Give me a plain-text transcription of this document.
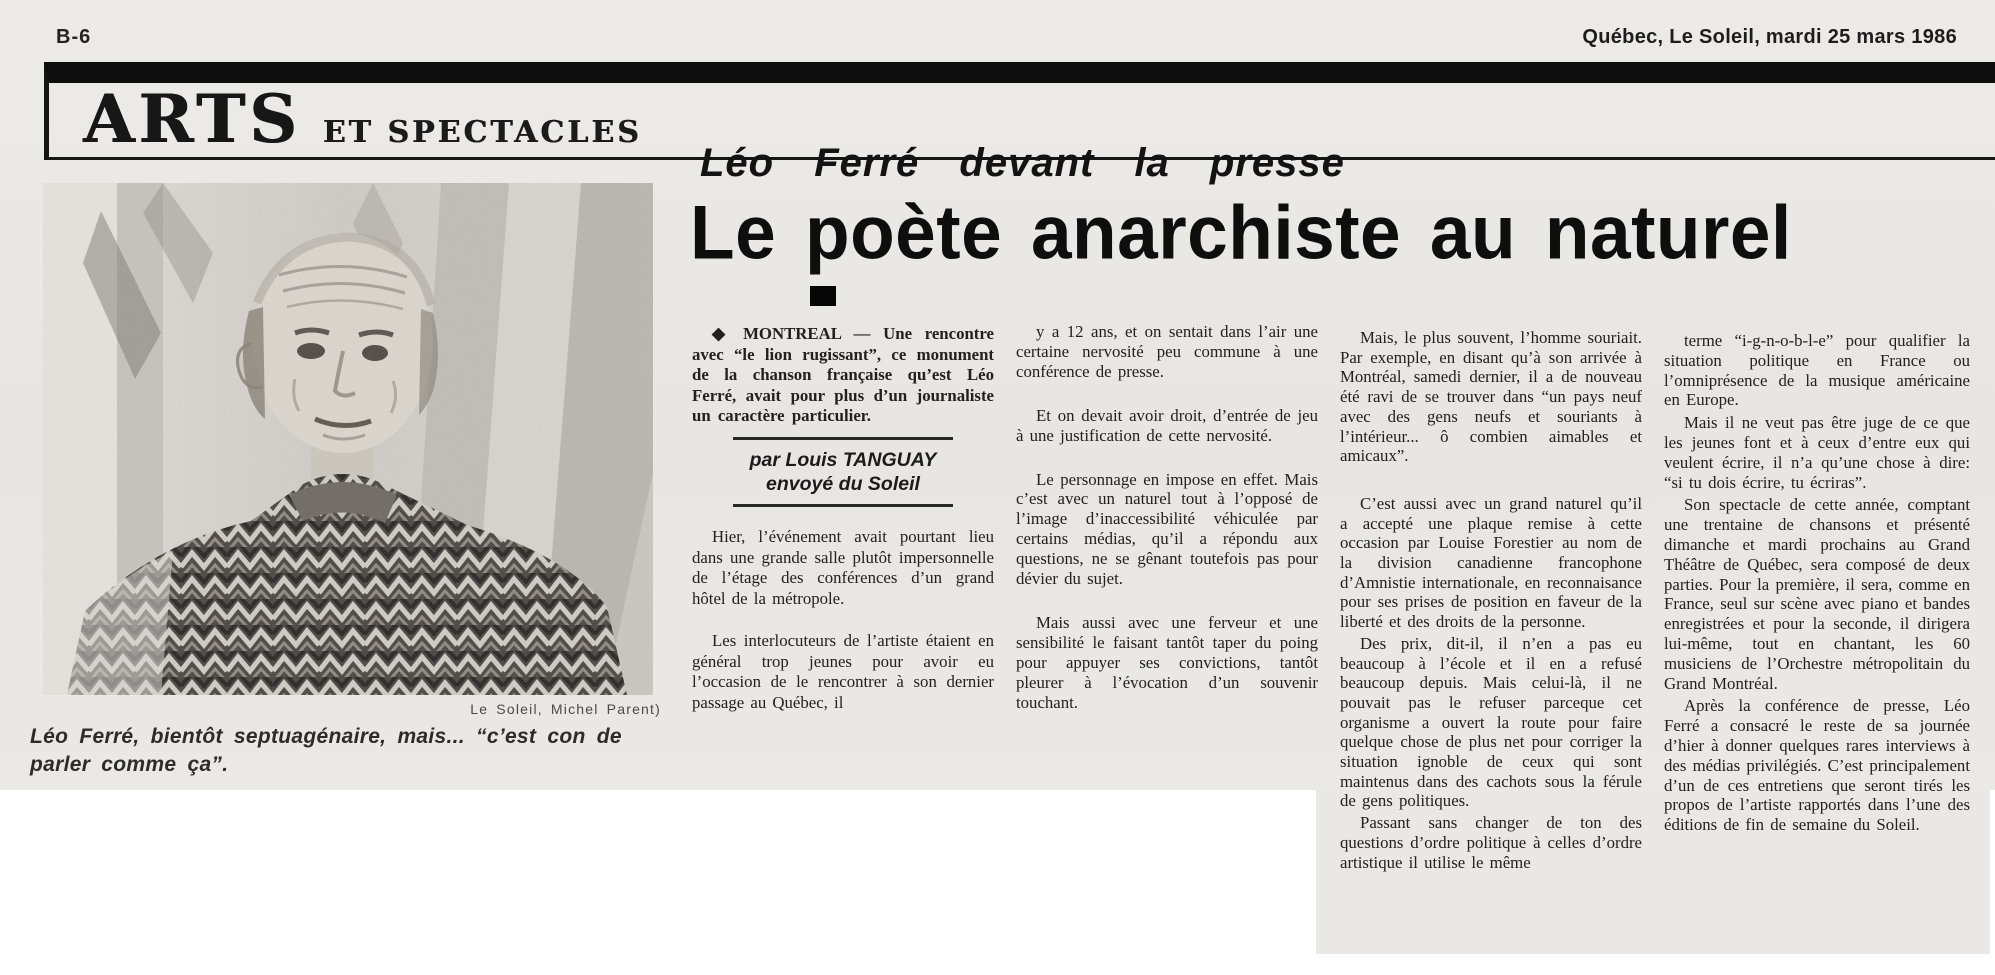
B-6	Québec, Le Soleil, mardi 25 mars 1986
ARTS ET SPECTACLES
Le Soleil, Michel Parent)
Léo Ferré, bientôt septuagénaire, mais... “c’est con de parler comme ça”.
Léo Ferré devant la presse
Le poète anarchiste au naturel

◆ MONTREAL — Une rencontre avec “le lion rugissant”, ce monument de la chanson française qu’est Léo Ferré, avait pour plus d’un journaliste un caractère particulier.

par Louis TANGUAY
envoyé du Soleil

Hier, l’événement avait pourtant lieu dans une grande salle plutôt impersonnelle de l’étage des conférences d’un grand hôtel de la métropole.

Les interlocuteurs de l’artiste étaient en général trop jeunes pour avoir eu l’occasion de le rencontrer à son dernier passage au Québec, il

y a 12 ans, et on sentait dans l’air une certaine nervosité peu commune à une conférence de presse.

Et on devait avoir droit, d’entrée de jeu à une justification de cette nervosité.

Le personnage en impose en effet. Mais c’est avec un naturel tout à l’opposé de l’image d’inaccessibilité véhiculée par certains médias, qu’il a répondu aux questions, ne se gênant toutefois pas pour dévier du sujet.

Mais aussi avec une ferveur et une sensibilité le faisant tantôt taper du poing pour appuyer ses convictions, tantôt pleurer à l’évocation d’un souvenir touchant.

Mais, le plus souvent, l’homme souriait. Par exemple, en disant qu’à son arrivée à Montréal, samedi dernier, il a de nouveau été ravi de se trouver dans “un pays neuf avec des gens neufs et souriants à l’intérieur... ô combien aimables et amicaux”.

C’est aussi avec un grand naturel qu’il a accepté une plaque remise à cette occasion par Louise Forestier au nom de la division canadienne francophone d’Amnistie internationale, en reconnaisance pour ses prises de position en faveur de la liberté et des droits de la personne.

Des prix, dit-il, il n’en a pas eu beaucoup à l’école et il en a refusé beaucoup depuis. Mais celui-là, il ne pouvait pas le refuser parceque cet organisme a ouvert la route pour faire quelque chose de plus net pour corriger la situation ignoble de ceux qui sont maintenus dans des cachots sous la férule de gens politiques.

Passant sans changer de ton des questions d’ordre politique à celles d’ordre artistique il utilise le même

terme “i-g-n-o-b-l-e” pour qualifier la situation politique en France ou l’omniprésence de la musique américaine en Europe.

Mais il ne veut pas être juge de ce que les jeunes font et à ceux d’entre eux qui veulent écrire, il n’a qu’une chose à dire: “si tu dois écrire, tu écriras”.

Son spectacle de cette année, comptant une trentaine de chansons et présenté dimanche et mardi prochains au Grand Théâtre de Québec, sera composé de deux parties. Pour la première, il sera, comme en France, seul sur scène avec piano et bandes enregistrées et pour la seconde, il dirigera lui-même, tout en chantant, les 60 musiciens de l’Orchestre métropolitain du Grand Montréal.

Après la conférence de presse, Léo Ferré a consacré le reste de sa journée d’hier à donner quelques rares interviews à des médias privilégiés. C’est principalement d’un de ces entretiens que seront tirés les propos de l’artiste rapportés dans l’une des éditions de fin de semaine du Soleil.
